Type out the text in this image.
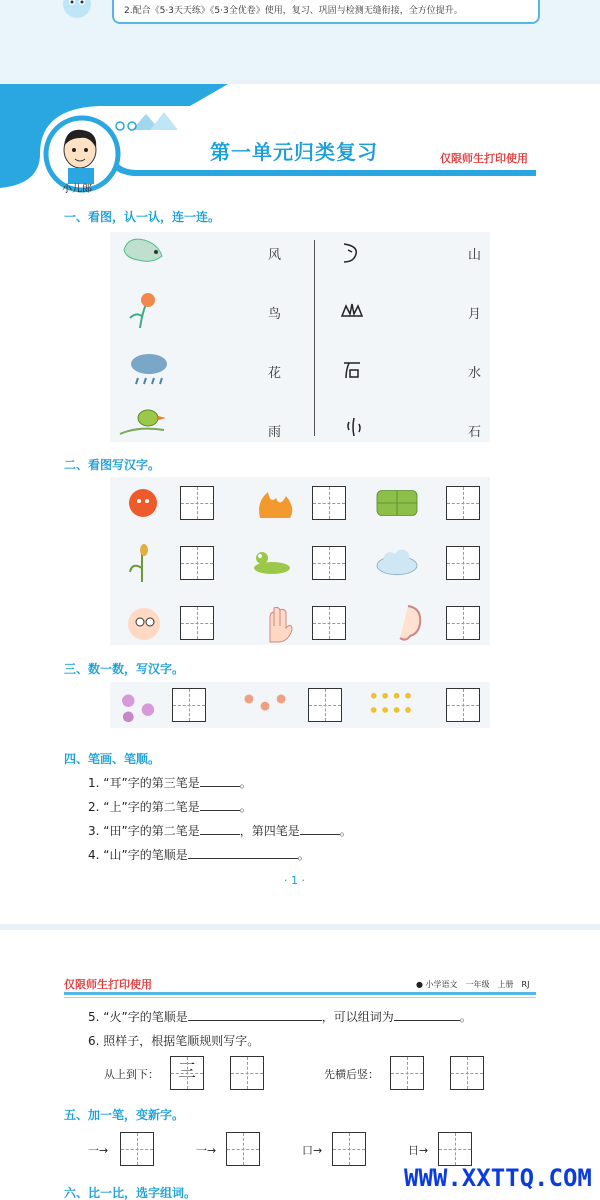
2.配合《5·3天天练》《5·3全优卷》使用，复习、巩固与检测无缝衔接，全方位提升。
小儿郎
第一单元归类复习	仅限师生打印使用
一、看图，认一认，连一连。
风
鸟
花
雨
山
月
水
石
二、看图写汉字。
三、数一数，写汉字。
四、笔画、笔顺。
1. “耳”字的第三笔是	。
2. “上”字的第二笔是	。
3. “田”字的第二笔是	，第四笔是	。
4. “山”字的笔顺是	。
· 1 ·
仅限师生打印使用	● 小学语文　一年级　上册　RJ
5. “火”字的笔顺是	，可以组词为	。
6. 照样子，根据笔顺规则写字。
从上到下：	三	先横后竖：
五、加一笔，变新字。
一→	一→	口→	日→
六、比一比，选字组词。
WWW.XXTTQ.COM
